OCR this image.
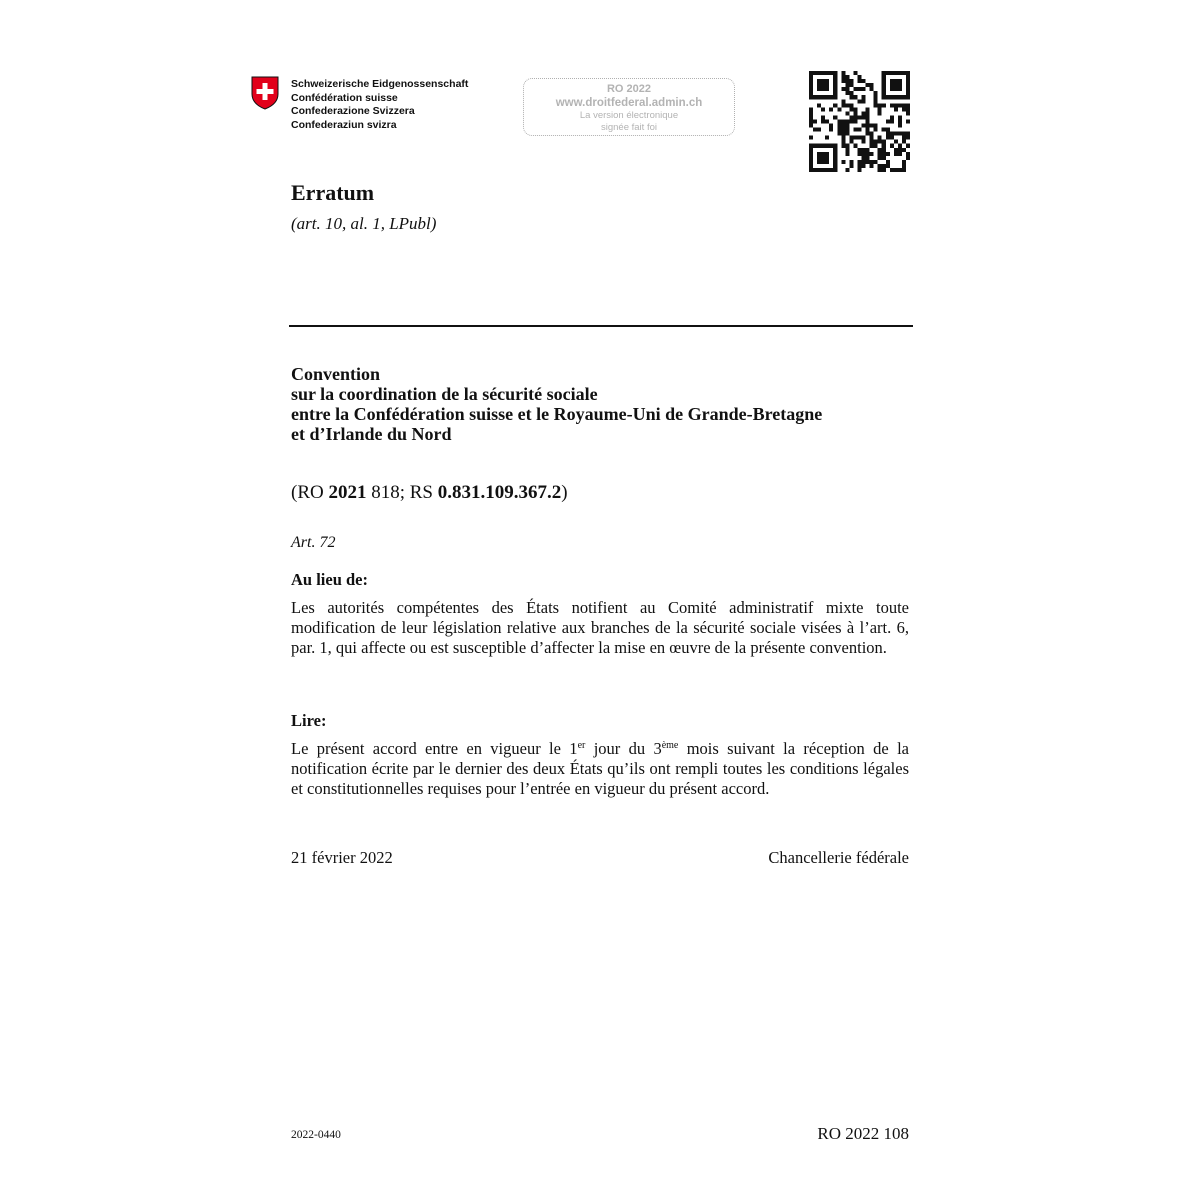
Schweizerische Eidgenossenschaft
Confédération suisse
Confederazione Svizzera
Confederaziun svizra
RO 2022
www.droitfederal.admin.ch
La version électronique
signée fait foi
Erratum
(art. 10, al. 1, LPubl)
Convention
sur la coordination de la sécurité sociale
entre la Confédération suisse et le Royaume-Uni de Grande-Bretagne
et d’Irlande du Nord
(RO 2021 818; RS 0.831.109.367.2)
Art. 72
Au lieu de:
Les autorités compétentes des États notifient au Comité administratif mixte toute modification de leur législation relative aux branches de la sécurité sociale visées à l’art. 6, par. 1, qui affecte ou est susceptible d’affecter la mise en œuvre de la présente convention.
Lire:
Le présent accord entre en vigueur le 1er jour du 3ème mois suivant la réception de la notification écrite par le dernier des deux États qu’ils ont rempli toutes les conditions légales et constitutionnelles requises pour l’entrée en vigueur du présent accord.
21 février 2022	Chancellerie fédérale
2022-0440	RO 2022 108
